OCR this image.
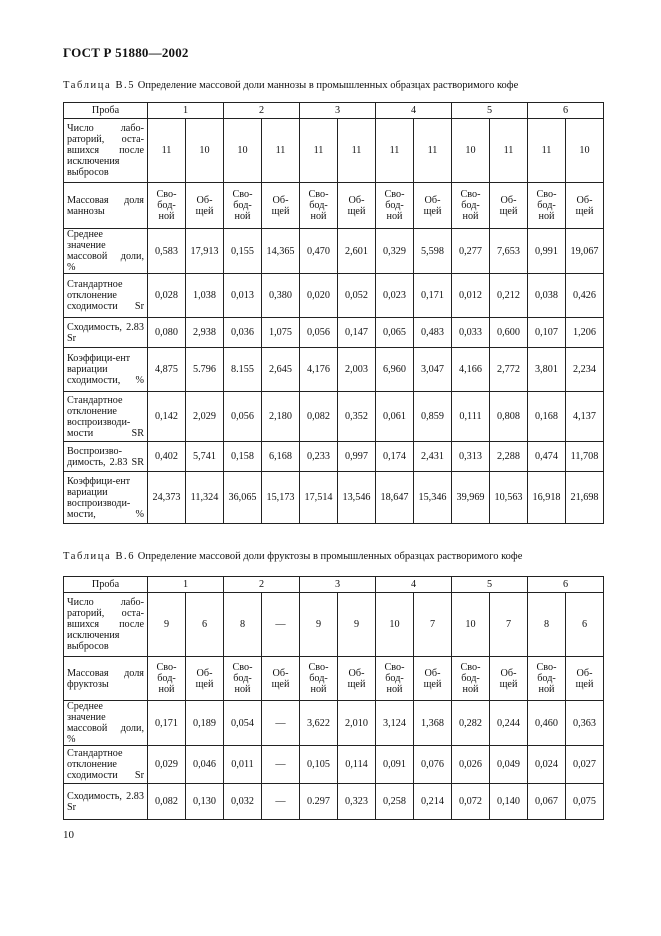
ГОСТ Р 51880—2002
Таблица В.5 Определение массовой доли маннозы в промышленных образцах растворимого кофе
Проба	1		2		3		4		5		6	
Число лабо-раторий, оста-вшихся после исключения выбросов	11	10	10	11	11	11	11	11	10	11	11	10
Массовая доля маннозы	Сво-бод-ной	Об-щей	Сво-бод-ной	Об-щей	Сво-бод-ной	Об-щей	Сво-бод-ной	Об-щей	Сво-бод-ной	Об-щей	Сво-бод-ной	Об-щей
Среднее значение массовой доли, %	0,583	17,913	0,155	14,365	0,470	2,601	0,329	5,598	0,277	7,653	0,991	19,067
Стандартное отклонение сходимости Sr	0,028	1,038	0,013	0,380	0,020	0,052	0,023	0,171	0,012	0,212	0,038	0,426
Сходимость, 2.83 Sr	0,080	2,938	0,036	1,075	0,056	0,147	0,065	0,483	0,033	0,600	0,107	1,206
Коэффици-ент вариации сходимости, %	4,875	5.796	8.155	2,645	4,176	2,003	6,960	3,047	4,166	2,772	3,801	2,234
Стандартное отклонение воспроизводи-мости SR	0,142	2,029	0,056	2,180	0,082	0,352	0,061	0,859	0,111	0,808	0,168	4,137
Воспроизво-димость, 2.83 SR	0,402	5,741	0,158	6,168	0,233	0,997	0,174	2,431	0,313	2,288	0,474	11,708
Коэффици-ент вариации воспроизводи-мости, %	24,373	11,324	36,065	15,173	17,514	13,546	18,647	15,346	39,969	10,563	16,918	21,698
Таблица В.6 Определение массовой доли фруктозы в промышленных образцах растворимого кофе
Проба	1		2		3		4		5		6	
Число лабо-раторий, оста-вшихся после исключения выбросов	9	6	8	—	9	9	10	7	10	7	8	6
Массовая доля фруктозы	Сво-бод-ной	Об-щей	Сво-бод-ной	Об-щей	Сво-бод-ной	Об-щей	Сво-бод-ной	Об-щей	Сво-бод-ной	Об-щей	Сво-бод-ной	Об-щей
Среднее значение массовой доли, %	0,171	0,189	0,054	—	3,622	2,010	3,124	1,368	0,282	0,244	0,460	0,363
Стандартное отклонение сходимости Sr	0,029	0,046	0,011	—	0,105	0,114	0,091	0,076	0,026	0,049	0,024	0,027
Сходимость, 2.83 Sr	0,082	0,130	0,032	—	0.297	0,323	0,258	0,214	0,072	0,140	0,067	0,075
10
